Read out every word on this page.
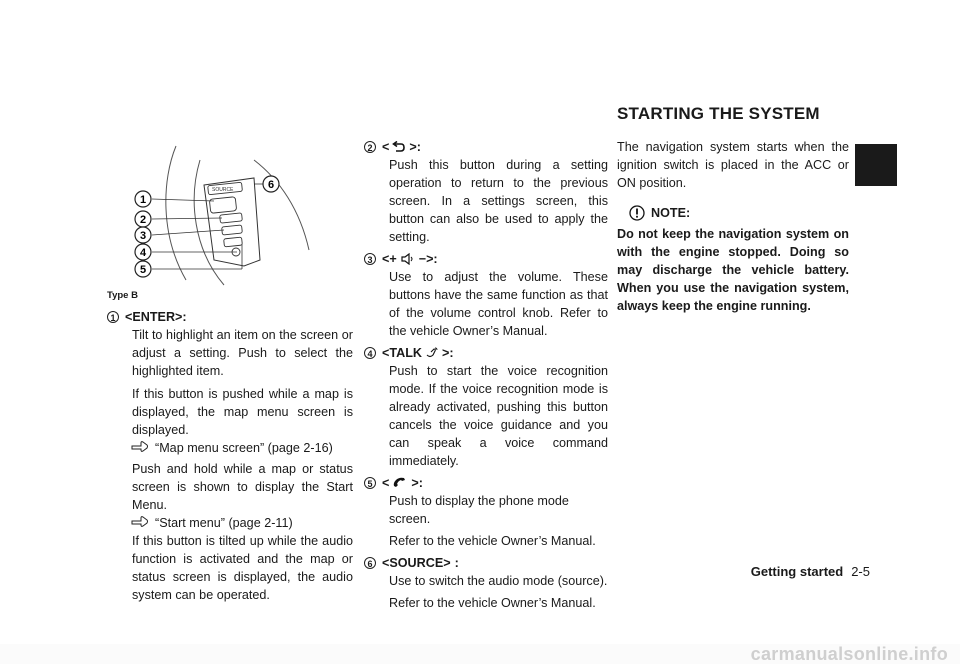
SOURCE
1
2
3
4
5
6
Type B
1 <ENTER>:

Tilt to highlight an item on the screen or adjust a setting. Push to select the highlighted item.

If this button is pushed while a map is displayed, the map menu screen is displayed.

“Map menu screen” (page 2-16)

Push and hold while a map or status screen is shown to display the Start Menu.

“Start menu” (page 2-11)

If this button is tilted up while the audio function is activated and the map or status screen is displayed, the audio system can be operated.

2 < >:

Push this button during a setting operation to return to the previous screen. In a settings screen, this button can also be used to apply the setting.

3 <+ −>:

Use to adjust the volume. These buttons have the same function as that of the volume control knob. Refer to the vehicle Owner’s Manual.

4 <TALK >:

Push to start the voice recognition mode. If the voice recognition mode is already activated, pushing this button cancels the voice guidance and you can speak a voice command immediately.

5 < >:

Push to display the phone mode screen.

Refer to the vehicle Owner’s Manual.

6 <SOURCE> :

Use to switch the audio mode (source).

Refer to the vehicle Owner’s Manual.

STARTING THE SYSTEM

The navigation system starts when the ignition switch is placed in the ACC or ON position.

NOTE:

Do not keep the navigation system on with the engine stopped. Doing so may discharge the vehicle battery. When you use the navigation system, always keep the engine running.

Getting started 2-5
carmanualsonline.info
